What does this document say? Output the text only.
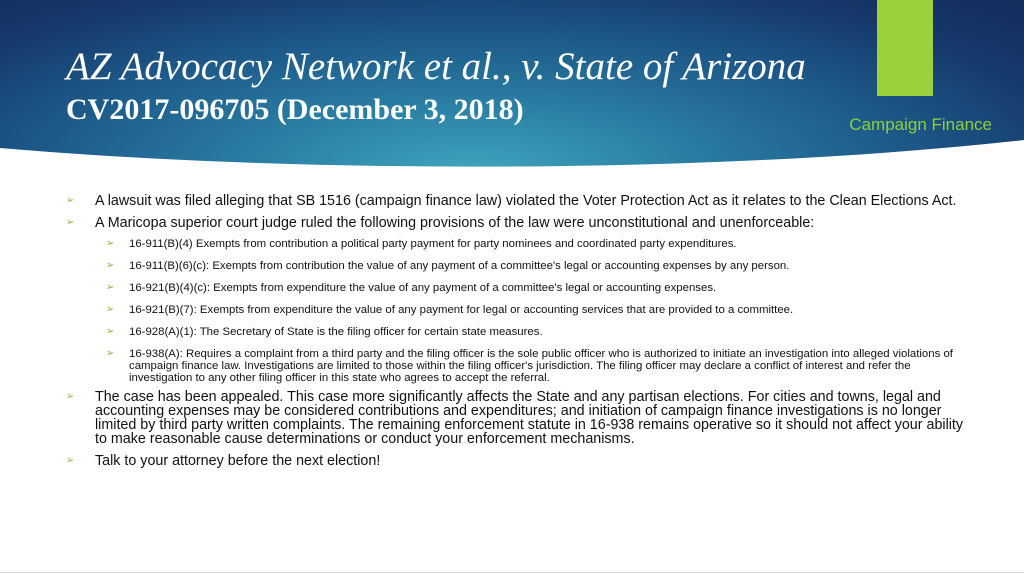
AZ Advocacy Network et al., v. State of Arizona
CV2017-096705 (December 3, 2018)	Campaign Finance
➢ A lawsuit was filed alleging that SB 1516 (campaign finance law) violated the Voter Protection Act as it relates to the Clean Elections Act.
➢ A Maricopa superior court judge ruled the following provisions of the law were unconstitutional and unenforceable:
➢ 16-911(B)(4) Exempts from contribution a political party payment for party nominees and coordinated party expenditures.
➢ 16-911(B)(6)(c): Exempts from contribution the value of any payment of a committee's legal or accounting expenses by any person.
➢ 16-921(B)(4)(c): Exempts from expenditure the value of any payment of a committee's legal or accounting expenses.
➢ 16-921(B)(7): Exempts from expenditure the value of any payment for legal or accounting services that are provided to a committee.
➢ 16-928(A)(1): The Secretary of State is the filing officer for certain state measures.
➢ 16-938(A): Requires a complaint from a third party and the filing officer is the sole public officer who is authorized to initiate an investigation into alleged violations of campaign finance law. Investigations are limited to those within the filing officer's jurisdiction. The filing officer may declare a conflict of interest and refer the investigation to any other filing officer in this state who agrees to accept the referral.
➢ The case has been appealed. This case more significantly affects the State and any partisan elections. For cities and towns, legal and accounting expenses may be considered contributions and expenditures; and initiation of campaign finance investigations is no longer limited by third party written complaints. The remaining enforcement statute in 16-938 remains operative so it should not affect your ability to make reasonable cause determinations or conduct your enforcement mechanisms.
➢ Talk to your attorney before the next election!
